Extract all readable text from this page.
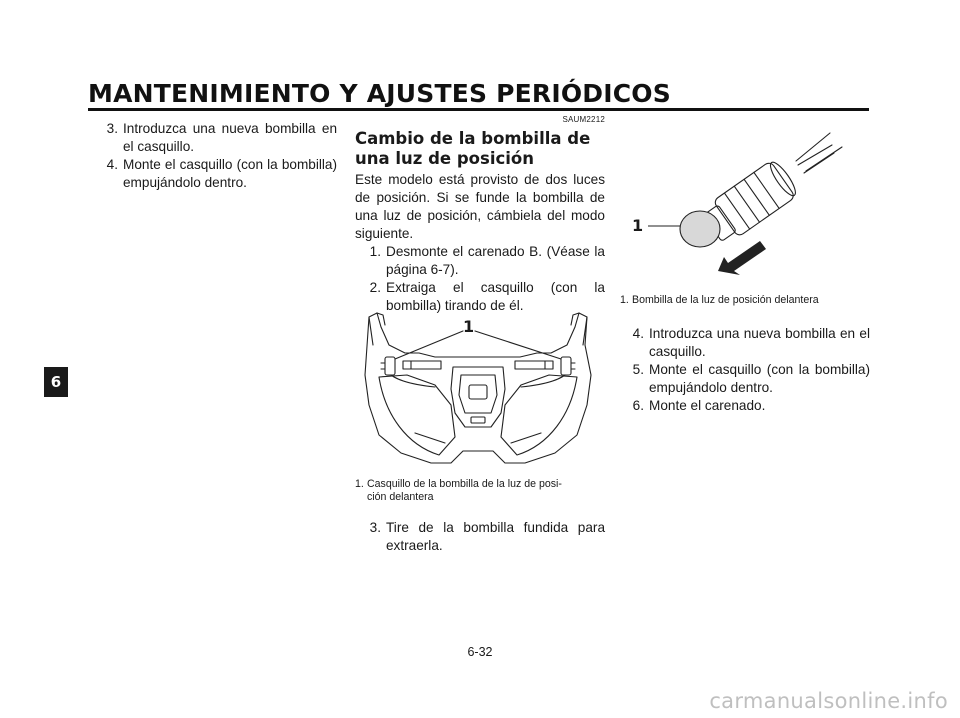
MANTENIMIENTO Y AJUSTES PERIÓDICOS
6
3. Introduzca una nueva bombilla en el casquillo.
4. Monte el casquillo (con la bombilla) empujándolo dentro.
SAUM2212
Cambio de la bombilla de una luz de posición

Este modelo está provisto de dos luces de posición. Si se funde la bombilla de una luz de posición, cámbiela del modo siguiente.

1. Desmonte el carenado B. (Véase la página 6-7).
2. Extraiga el casquillo (con la bombilla) tirando de él.
1
1. Casquillo de la bombilla de la luz de posi-
ción delantera
3. Tire de la bombilla fundida para extraerla.
1
1. Bombilla de la luz de posición delantera
4. Introduzca una nueva bombilla en el casquillo.
5. Monte el casquillo (con la bombilla) empujándolo dentro.
6. Monte el carenado.
6-32
carmanualsonline.info
